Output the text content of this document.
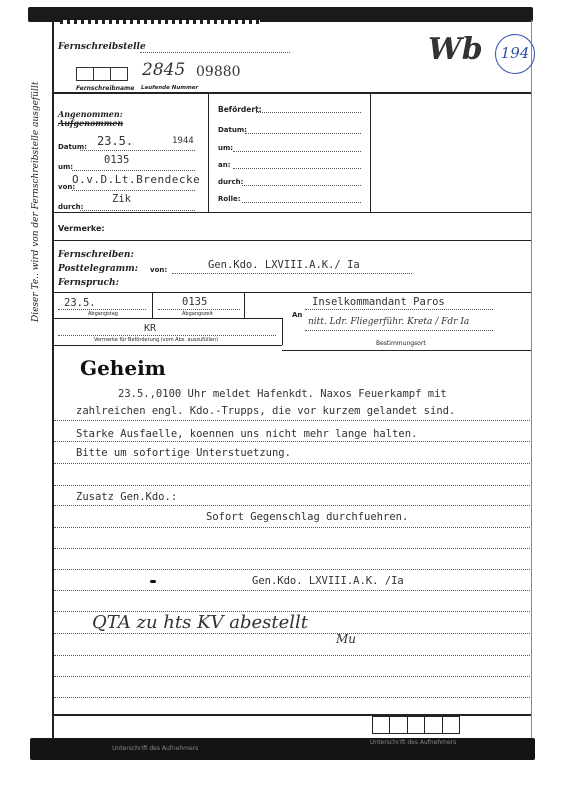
Dieser Te.. wird von der Fernschreibstelle ausgefüllt
Fernschreibstelle
2845 09880
Fernschreibname Laufende Nummer
Wb	194
Angenommen:
Aufgenommen
Datum: 23.5.	1944
um:
0135
von:
O.v.D.Lt.Brendecke
durch:
Zik
Befördert:
Datum:
um:
an:
durch:
Rolle:
Vermerke:
Fernschreiben:
Posttelegramm:
Fernspruch:
von:	Gen.Kdo. LXVIII.A.K./ Ia
23.5.
Abgangstag
0135
Abgangszeit
KR
Vermerke für Beförderung (vom Abs. auszufüllen)
An
Inselkommandant Paros
nitt. Ldr. Fliegerführ. Kreta / Fdr Ia
Bestimmungsort
Geheim
23.5.,0100 Uhr meldet Hafenkdt. Naxos Feuerkampf mit
zahlreichen engl. Kdo.-Trupps, die vor kurzem gelandet sind.
Starke Ausfaelle, koennen uns nicht mehr lange halten.
Bitte um sofortige Unterstuetzung.
Zusatz Gen.Kdo.:
Sofort Gegenschlag durchfuehren.
Gen.Kdo. LXVIII.A.K. /Ia
QTA zu hts KV abestellt
Mu
Unterschrift des Aufnehmers
Unterschrift des Aufnehmers
